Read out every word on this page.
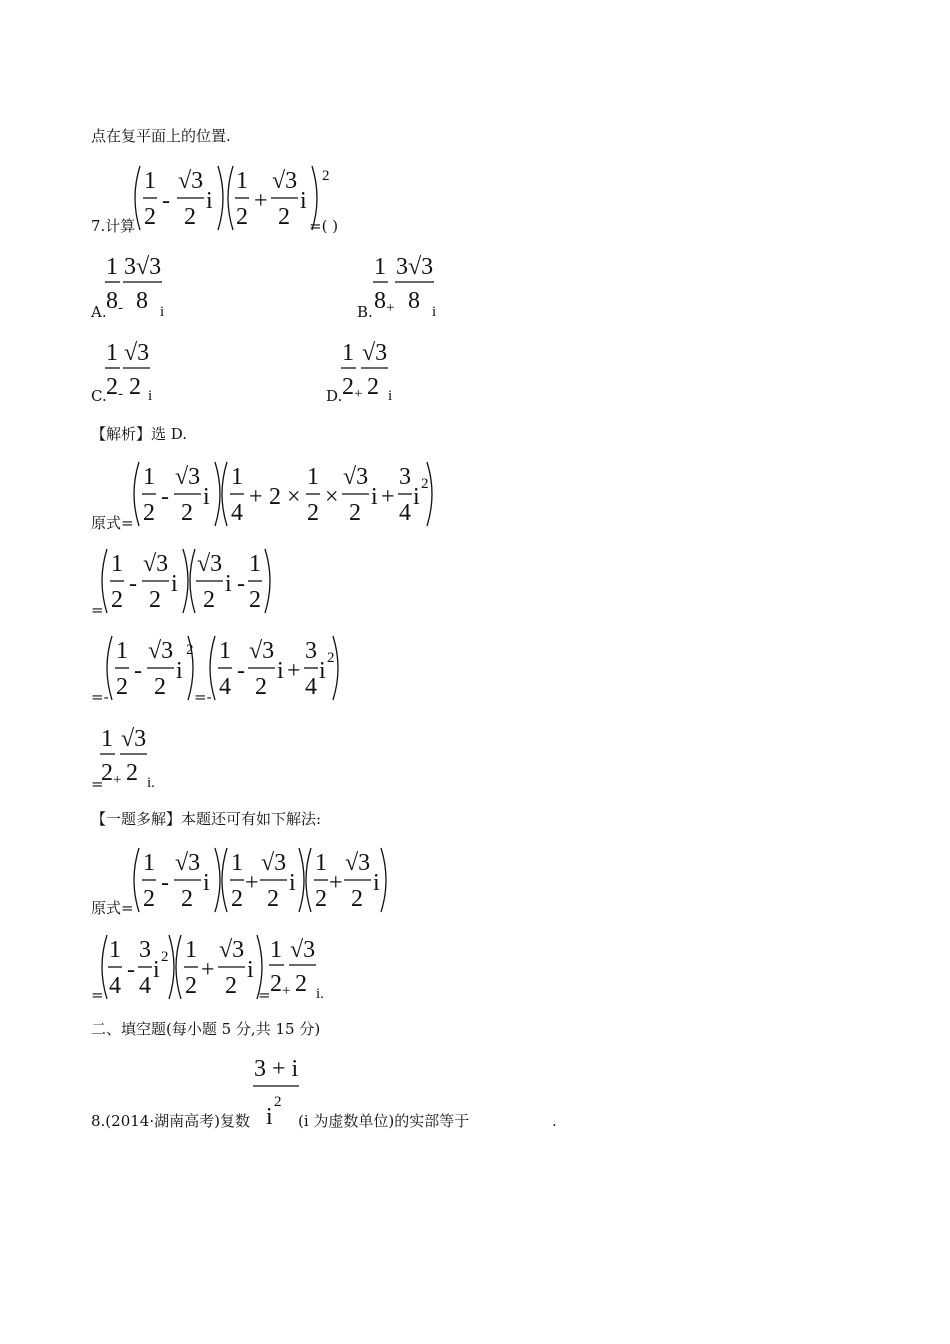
点在复平面上的位置.
7.计算
1
2
-
√3
2
i
1
2
+
√3
2
i
2
=( )
A.
1
8 -
3√3
8 i	B.
1
8 +
3√3
8 i
C.
1
2 -
√3
2 i	D.
1
2 +
√3
2 i
【解析】选 D.
原式=
1
2
-
√3
2
i
1
4
+ 2 ×
1
2
×
√3
2
i +
3
4
i 2
=
1
2
-
√3
2
i
√3
2
i -
1
2
=-
1
2
-
√3
2
i
2
=-
1
4
-
√3
2
i +
3
4
i 2
=
1
2 +
√3
2 i.
【一题多解】本题还可有如下解法:
原式=
1
2
-
√3
2
i
1
2
+
√3
2
i
1
2
+
√3
2
i
=
1
4
-
3
4
i 2 1
2
+
√3
2
i
=
1
2 +
√3
2 i.
二、填空题(每小题 5 分,共 15 分)
8.(2014·湖南高考)复数
3 + i
i
2
(i 为虚数单位)的实部等于	.
